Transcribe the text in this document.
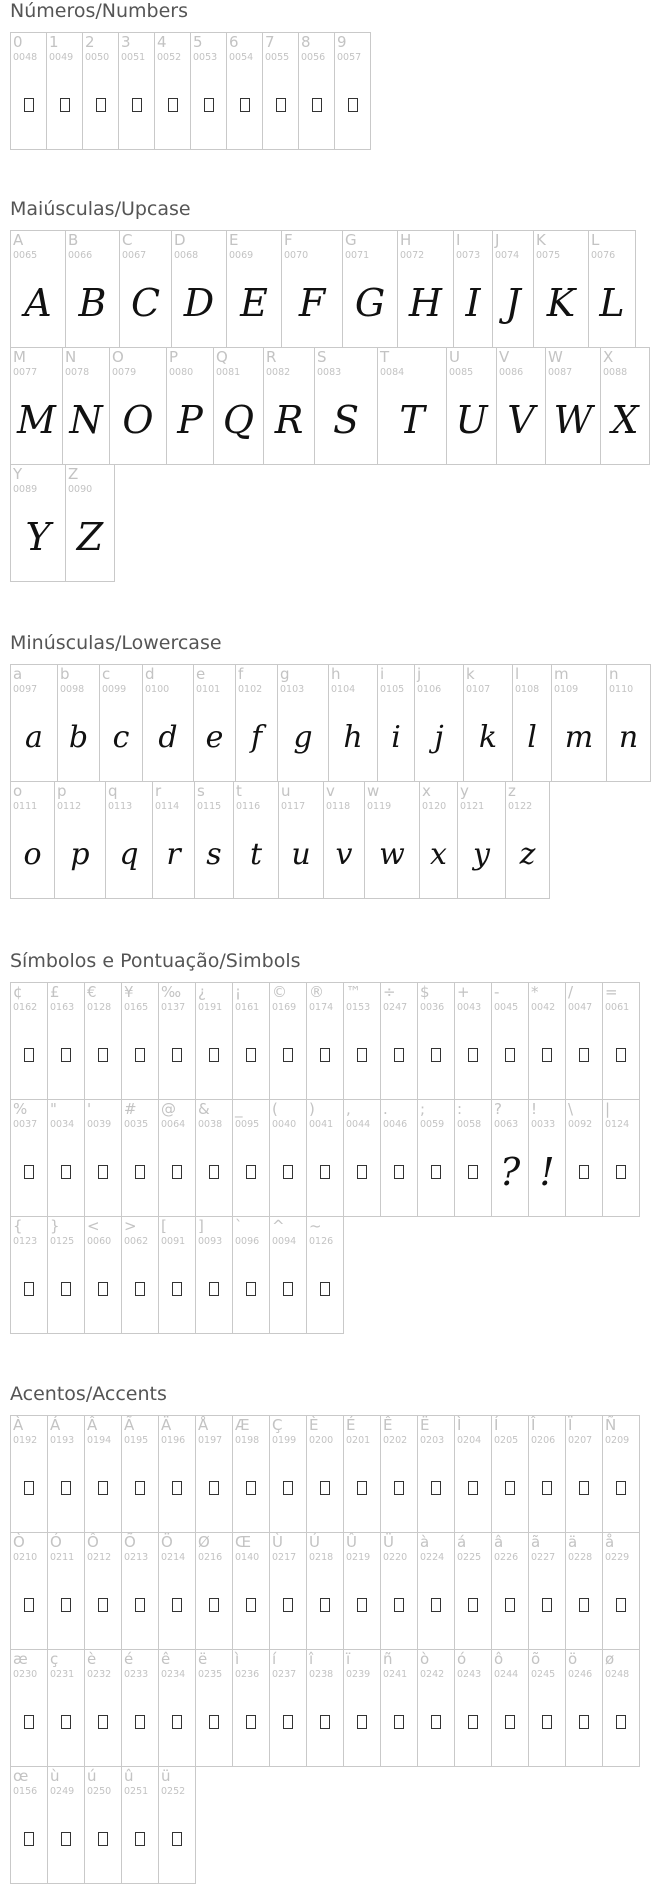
Números/Numbers
0
0048
1
0049
2
0050
3
0051
4
0052
5
0053
6
0054
7
0055
8
0056
9
0057
Maiúsculas/Upcase
A
0065
A
B
0066
B
C
0067
C
D
0068
D
E
0069
E
F
0070
F
G
0071
G
H
0072
H
I
0073
I
J
0074
J
K
0075
K
L
0076
L
M
0077
M
N
0078
N
O
0079
O
P
0080
P
Q
0081
Q
R
0082
R
S
0083
S
T
0084
T
U
0085
U
V
0086
V
W
0087
W
X
0088
X
Y
0089
Y
Z
0090
Z
Minúsculas/Lowercase
a
0097
a
b
0098
b
c
0099
c
d
0100
d
e
0101
e
f
0102
f
g
0103
g
h
0104
h
i
0105
i
j
0106
j
k
0107
k
l
0108
l
m
0109
m
n
0110
n
o
0111
o
p
0112
p
q
0113
q
r
0114
r
s
0115
s
t
0116
t
u
0117
u
v
0118
v
w
0119
w
x
0120
x
y
0121
y
z
0122
z
Símbolos e Pontuação/Simbols
¢
0162
£
0163
€
0128
¥
0165
‰
0137
¿
0191
¡
0161
©
0169
®
0174
™
0153
÷
0247
$
0036
+
0043
-
0045
*
0042
/
0047
=
0061
%
0037
"
0034
'
0039
#
0035
@
0064
&
0038
_
0095
(
0040
)
0041
,
0044
.
0046
;
0059
:
0058
?
0063
?
!
0033
!
\
0092
|
0124
{
0123
}
0125
<
0060
>
0062
[
0091
]
0093
`
0096
^
0094
~
0126
Acentos/Accents
À
0192
Á
0193
Â
0194
Ã
0195
Ä
0196
Å
0197
Æ
0198
Ç
0199
È
0200
É
0201
Ê
0202
Ë
0203
Ì
0204
Í
0205
Î
0206
Ï
0207
Ñ
0209
Ò
0210
Ó
0211
Ô
0212
Õ
0213
Ö
0214
Ø
0216
Œ
0140
Ù
0217
Ú
0218
Û
0219
Ü
0220
à
0224
á
0225
â
0226
ã
0227
ä
0228
å
0229
æ
0230
ç
0231
è
0232
é
0233
ê
0234
ë
0235
ì
0236
í
0237
î
0238
ï
0239
ñ
0241
ò
0242
ó
0243
ô
0244
õ
0245
ö
0246
ø
0248
œ
0156
ù
0249
ú
0250
û
0251
ü
0252
